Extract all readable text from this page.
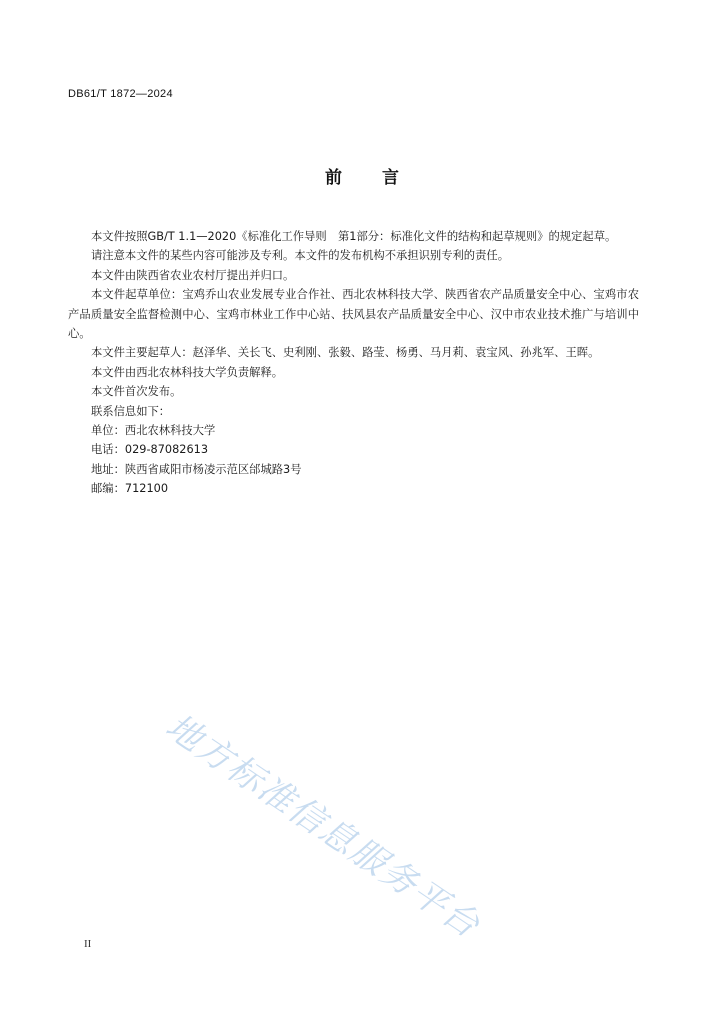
DB61/T 1872—2024
前 言

本文件按照GB/T 1.1—2020《标准化工作导则　第1部分：标准化文件的结构和起草规则》的规定起草。

请注意本文件的某些内容可能涉及专利。本文件的发布机构不承担识别专利的责任。

本文件由陕西省农业农村厅提出并归口。

本文件起草单位：宝鸡乔山农业发展专业合作社、西北农林科技大学、陕西省农产品质量安全中心、宝鸡市农产品质量安全监督检测中心、宝鸡市林业工作中心站、扶风县农产品质量安全中心、汉中市农业技术推广与培训中心。

本文件主要起草人：赵泽华、关长飞、史利刚、张毅、路莹、杨勇、马月莉、袁宝风、孙兆军、王晖。

本文件由西北农林科技大学负责解释。

本文件首次发布。

联系信息如下：

单位：西北农林科技大学

电话：029-87082613

地址：陕西省咸阳市杨凌示范区邰城路3号

邮编：712100

地方标准信息服务平台
II
